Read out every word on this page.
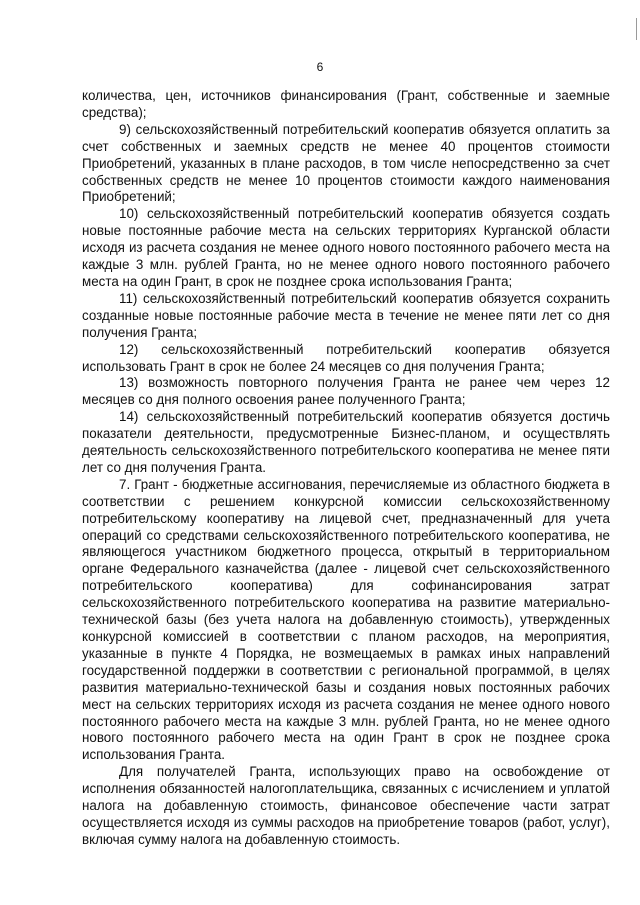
6

количества, цен, источников финансирования (Грант, собственные и заемные средства);

9) сельскохозяйственный потребительский кооператив обязуется оплатить за счет собственных и заемных средств не менее 40 процентов стоимости Приобретений, указанных в плане расходов, в том числе непосредственно за счет собственных средств не менее 10 процентов стоимости каждого наименования Приобретений;

10) сельскохозяйственный потребительский кооператив обязуется создать новые постоянные рабочие места на сельских территориях Курганской области исходя из расчета создания не менее одного нового постоянного рабочего места на каждые 3 млн. рублей Гранта, но не менее одного нового постоянного рабочего места на один Грант, в срок не позднее срока использования Гранта;

11) сельскохозяйственный потребительский кооператив обязуется сохранить созданные новые постоянные рабочие места в течение не менее пяти лет со дня получения Гранта;

12) сельскохозяйственный потребительский кооператив обязуется использовать Грант в срок не более 24 месяцев со дня получения Гранта;

13) возможность повторного получения Гранта не ранее чем через 12 месяцев со дня полного освоения ранее полученного Гранта;

14) сельскохозяйственный потребительский кооператив обязуется достичь показатели деятельности, предусмотренные Бизнес-планом, и осуществлять деятельность сельскохозяйственного потребительского кооператива не менее пяти лет со дня получения Гранта.

7. Грант - бюджетные ассигнования, перечисляемые из областного бюджета в соответствии с решением конкурсной комиссии сельскохозяйственному потребительскому кооперативу на лицевой счет, предназначенный для учета операций со средствами сельскохозяйственного потребительского кооператива, не являющегося участником бюджетного процесса, открытый в территориальном органе Федерального казначейства (далее - лицевой счет сельскохозяйственного потребительского кооператива) для софинансирования затрат сельскохозяйственного потребительского кооператива на развитие материально-технической базы (без учета налога на добавленную стоимость), утвержденных конкурсной комиссией в соответствии с планом расходов, на мероприятия, указанные в пункте 4 Порядка, не возмещаемых в рамках иных направлений государственной поддержки в соответствии с региональной программой, в целях развития материально-технической базы и создания новых постоянных рабочих мест на сельских территориях исходя из расчета создания не менее одного нового постоянного рабочего места на каждые 3 млн. рублей Гранта, но не менее одного нового постоянного рабочего места на один Грант в срок не позднее срока использования Гранта.

Для получателей Гранта, использующих право на освобождение от исполнения обязанностей налогоплательщика, связанных с исчислением и уплатой налога на добавленную стоимость, финансовое обеспечение части затрат осуществляется исходя из суммы расходов на приобретение товаров (работ, услуг), включая сумму налога на добавленную стоимость.
